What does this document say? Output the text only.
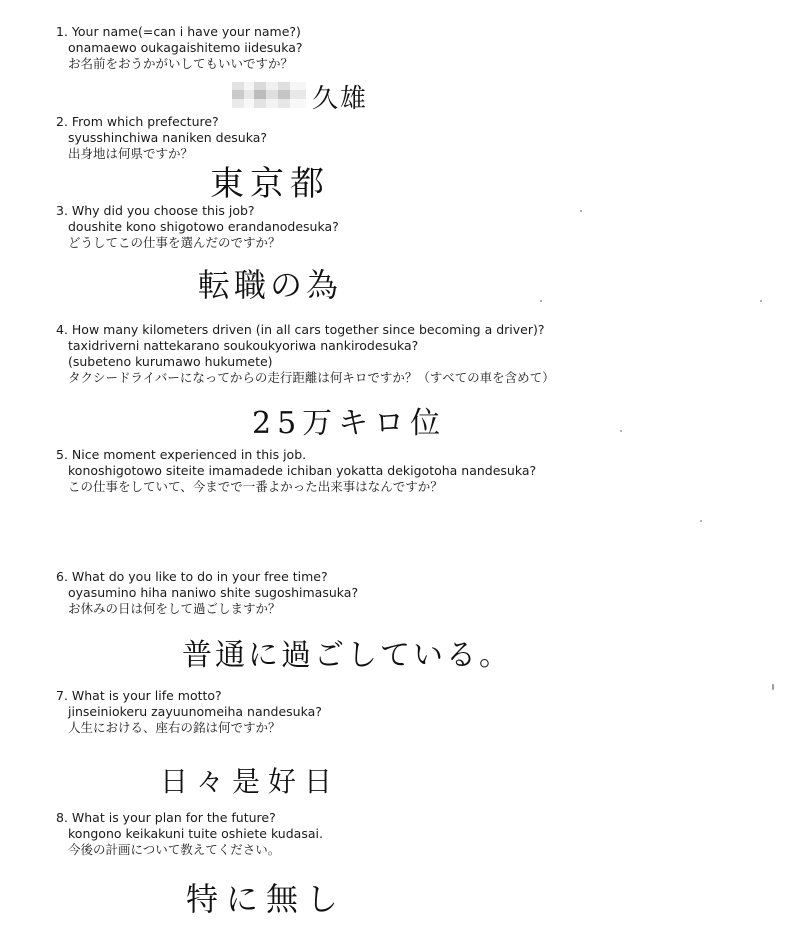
1. Your name(=can i have your name?)
onamaewo oukagaishitemo iidesuka?
お名前をおうかがいしてもいいですか？
久雄
2. From which prefecture?
syusshinchiwa naniken desuka?
出身地は何県ですか？
東京都
3. Why did you choose this job?
doushite kono shigotowo erandanodesuka?
どうしてこの仕事を選んだのですか？
転職の為
4. How many kilometers driven (in all cars together since becoming a driver)?
taxidriverni nattekarano soukoukyoriwa nankirodesuka?
(subeteno kurumawo hukumete)
タクシードライバーになってからの走行距離は何キロですか？（すべての車を含めて）
25万キロ位
5. Nice moment experienced in this job.
konoshigotowo siteite imamadede ichiban yokatta dekigotoha nandesuka?
この仕事をしていて、今までで一番よかった出来事はなんですか？
6. What do you like to do in your free time?
oyasumino hiha naniwo shite sugoshimasuka?
お休みの日は何をして過ごしますか？
普通に過ごしている。
7. What is your life motto?
jinseiniokeru zayuunomeiha nandesuka?
人生における、座右の銘は何ですか？
日々是好日
8. What is your plan for the future?
kongono keikakuni tuite oshiete kudasai.
今後の計画について教えてください。
特に無し
